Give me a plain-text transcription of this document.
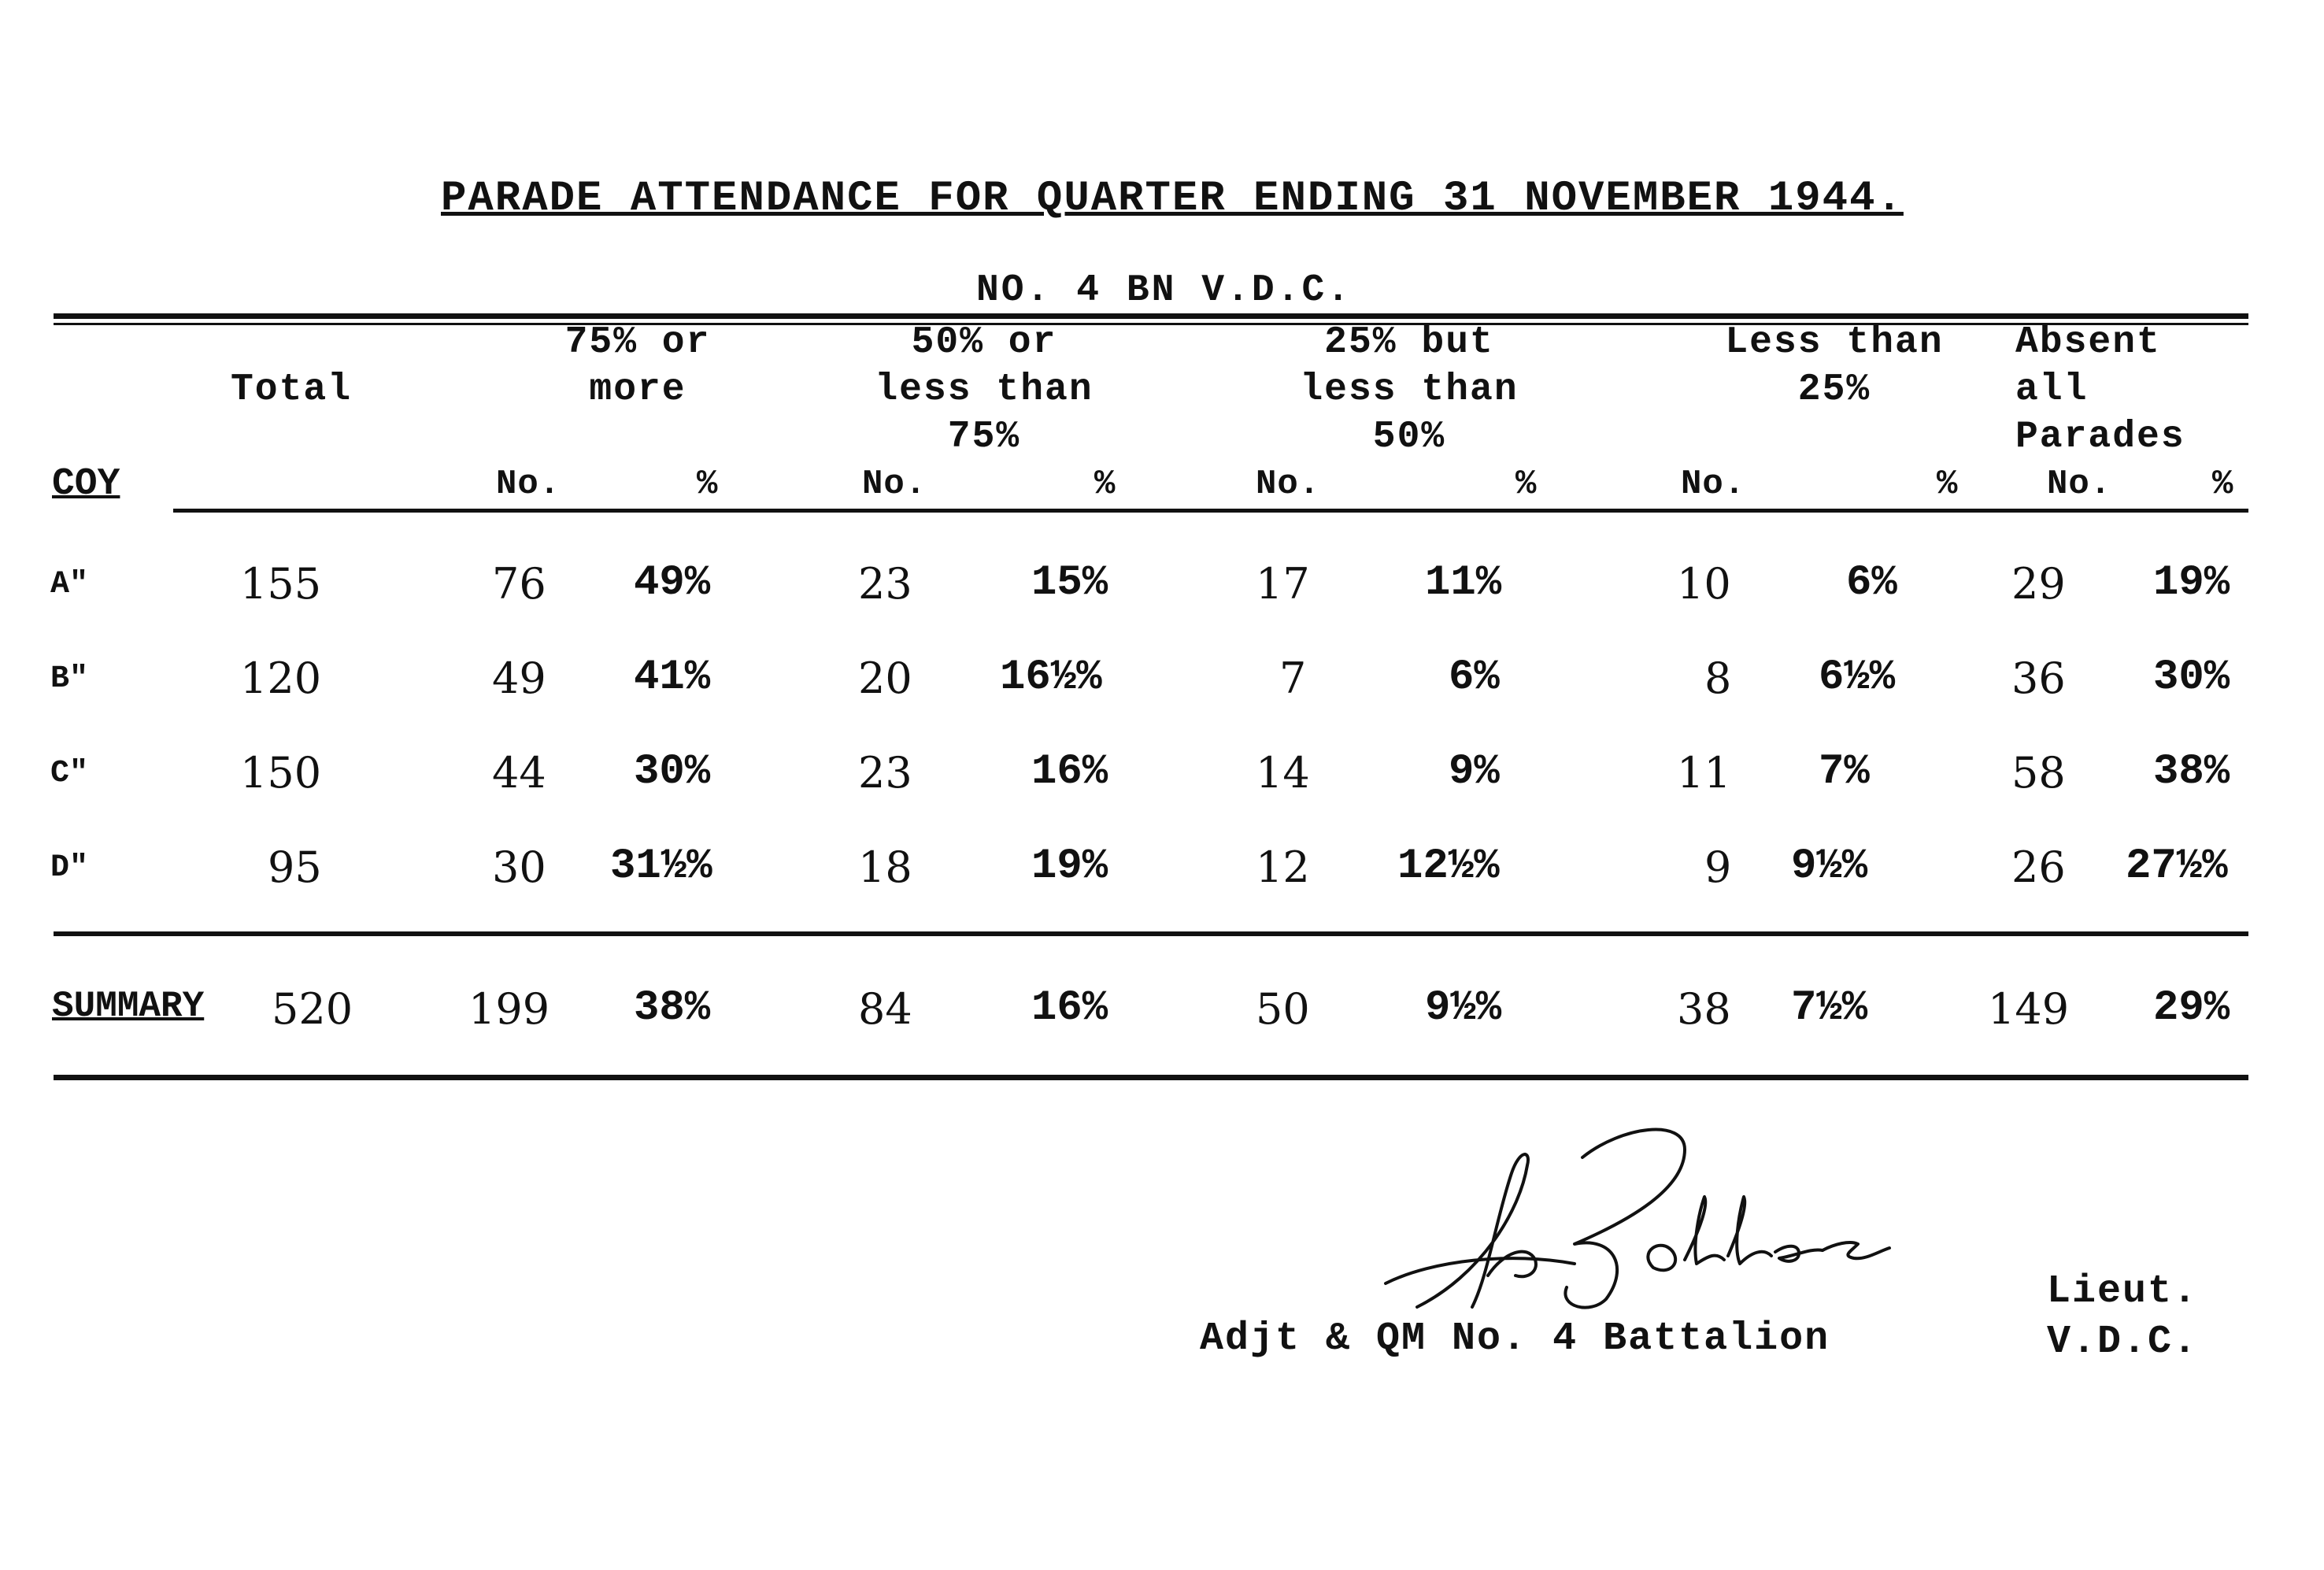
PARADE ATTENDANCE FOR QUARTER ENDING 31 NOVEMBER 1944.
NO. 4 BN V.D.C.
Total
75% or
more
50% or
less than
75%
25% but
less than
50%
Less than
25%
Absent
all
Parades
COY	No.	%	No.	%	No.	%	No.	%	No.	%
A"	155	76 49%	23	15%	17	11%	10	6%	29 19%
B"	120	49 41%	20 16½%	7	6%	8 6½%	36 30%
C"	150	44 30%	23	16%	14	9%	11 7%	58 38%
D"	95	30 31½%	18	19%	12 12½%	9 9½%	26 27½%
SUMMARY 520	199 38%	84	16%	50	9½%	38 7½%	149 29%
Adjt & QM No. 4 Battalion
Lieut.
V.D.C.
